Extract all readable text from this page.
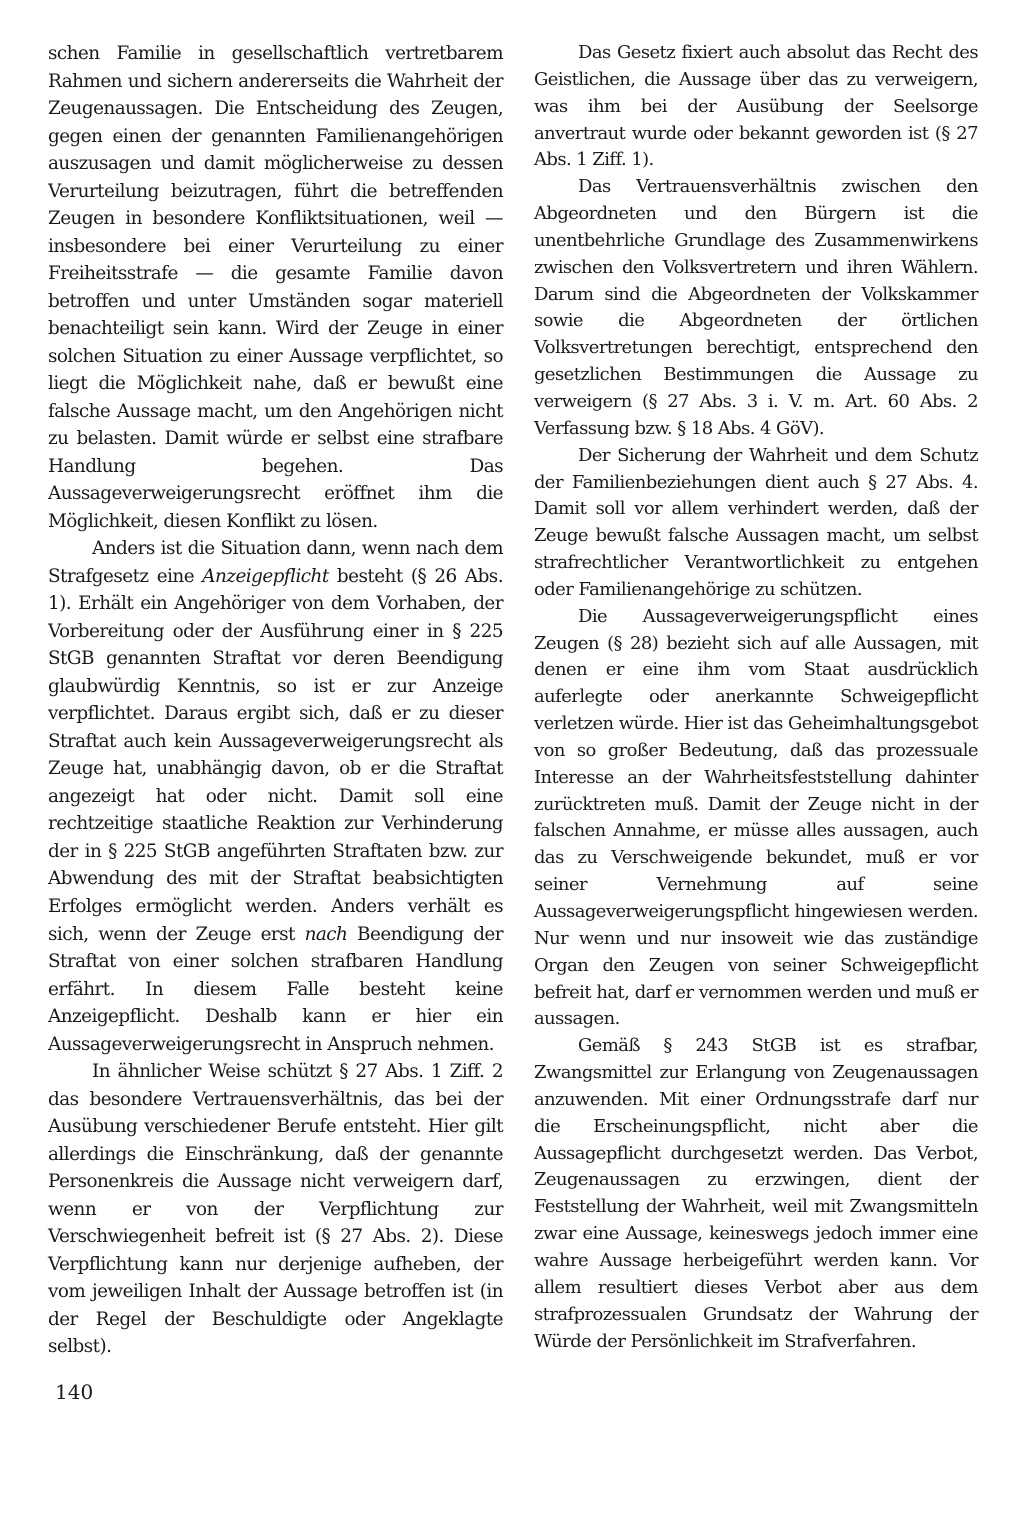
schen Familie in gesellschaftlich vertretbarem Rahmen und sichern andererseits die Wahrheit der Zeugenaussagen. Die Entscheidung des Zeugen, gegen einen der genannten Familienangehörigen auszusagen und damit möglicherweise zu dessen Verurteilung beizutragen, führt die betreffenden Zeugen in besondere Konfliktsituationen, weil — insbesondere bei einer Verurteilung zu einer Freiheitsstrafe — die gesamte Familie davon betroffen und unter Umständen sogar materiell benachteiligt sein kann. Wird der Zeuge in einer solchen Situation zu einer Aussage verpflichtet, so liegt die Möglichkeit nahe, daß er bewußt eine falsche Aussage macht, um den Angehörigen nicht zu belasten. Damit würde er selbst eine strafbare Handlung begehen. Das Aussageverweigerungsrecht eröffnet ihm die Möglichkeit, diesen Konflikt zu lösen.

Anders ist die Situation dann, wenn nach dem Strafgesetz eine Anzeigepflicht besteht (§ 26 Abs. 1). Erhält ein Angehöriger von dem Vorhaben, der Vorbereitung oder der Ausführung einer in § 225 StGB genannten Straftat vor deren Beendigung glaubwürdig Kenntnis, so ist er zur Anzeige verpflichtet. Daraus ergibt sich, daß er zu dieser Straftat auch kein Aussageverweigerungsrecht als Zeuge hat, unabhängig davon, ob er die Straftat angezeigt hat oder nicht. Damit soll eine rechtzeitige staatliche Reaktion zur Verhinderung der in § 225 StGB angeführten Straftaten bzw. zur Abwendung des mit der Straftat beabsichtigten Erfolges ermöglicht werden. Anders verhält es sich, wenn der Zeuge erst nach Beendigung der Straftat von einer solchen strafbaren Handlung erfährt. In diesem Falle besteht keine Anzeigepflicht. Deshalb kann er hier ein Aussageverweigerungsrecht in Anspruch nehmen.

In ähnlicher Weise schützt § 27 Abs. 1 Ziff. 2 das besondere Vertrauensverhältnis, das bei der Ausübung verschiedener Berufe entsteht. Hier gilt allerdings die Einschränkung, daß der genannte Personenkreis die Aussage nicht verweigern darf, wenn er von der Verpflichtung zur Verschwiegenheit befreit ist (§ 27 Abs. 2). Diese Verpflichtung kann nur derjenige aufheben, der vom jeweiligen Inhalt der Aussage betroffen ist (in der Regel der Beschuldigte oder Angeklagte selbst).

Das Gesetz fixiert auch absolut das Recht des Geistlichen, die Aussage über das zu verweigern, was ihm bei der Ausübung der Seelsorge anvertraut wurde oder bekannt geworden ist (§ 27 Abs. 1 Ziff. 1).

Das Vertrauensverhältnis zwischen den Abgeordneten und den Bürgern ist die unentbehrliche Grundlage des Zusammenwirkens zwischen den Volksvertretern und ihren Wählern. Darum sind die Abgeordneten der Volkskammer sowie die Abgeordneten der örtlichen Volksvertretungen berechtigt, entsprechend den gesetzlichen Bestimmungen die Aussage zu verweigern (§ 27 Abs. 3 i. V. m. Art. 60 Abs. 2 Verfassung bzw. § 18 Abs. 4 GöV).

Der Sicherung der Wahrheit und dem Schutz der Familienbeziehungen dient auch § 27 Abs. 4. Damit soll vor allem verhindert werden, daß der Zeuge bewußt falsche Aussagen macht, um selbst strafrechtlicher Verantwortlichkeit zu entgehen oder Familienangehörige zu schützen.

Die Aussageverweigerungspflicht eines Zeugen (§ 28) bezieht sich auf alle Aussagen, mit denen er eine ihm vom Staat ausdrücklich auferlegte oder anerkannte Schweigepflicht verletzen würde. Hier ist das Geheimhaltungsgebot von so großer Bedeutung, daß das prozessuale Interesse an der Wahrheitsfeststellung dahinter zurücktreten muß. Damit der Zeuge nicht in der falschen Annahme, er müsse alles aussagen, auch das zu Verschweigende bekundet, muß er vor seiner Vernehmung auf seine Aussageverweigerungspflicht hingewiesen werden. Nur wenn und nur insoweit wie das zuständige Organ den Zeugen von seiner Schweigepflicht befreit hat, darf er vernommen werden und muß er aussagen.

Gemäß § 243 StGB ist es strafbar, Zwangsmittel zur Erlangung von Zeugenaussagen anzuwenden. Mit einer Ordnungsstrafe darf nur die Erscheinungspflicht, nicht aber die Aussagepflicht durchgesetzt werden. Das Verbot, Zeugenaussagen zu erzwingen, dient der Feststellung der Wahrheit, weil mit Zwangsmitteln zwar eine Aussage, keineswegs jedoch immer eine wahre Aussage herbeigeführt werden kann. Vor allem resultiert dieses Verbot aber aus dem strafprozessualen Grundsatz der Wahrung der Würde der Persönlichkeit im Strafverfahren.

140
